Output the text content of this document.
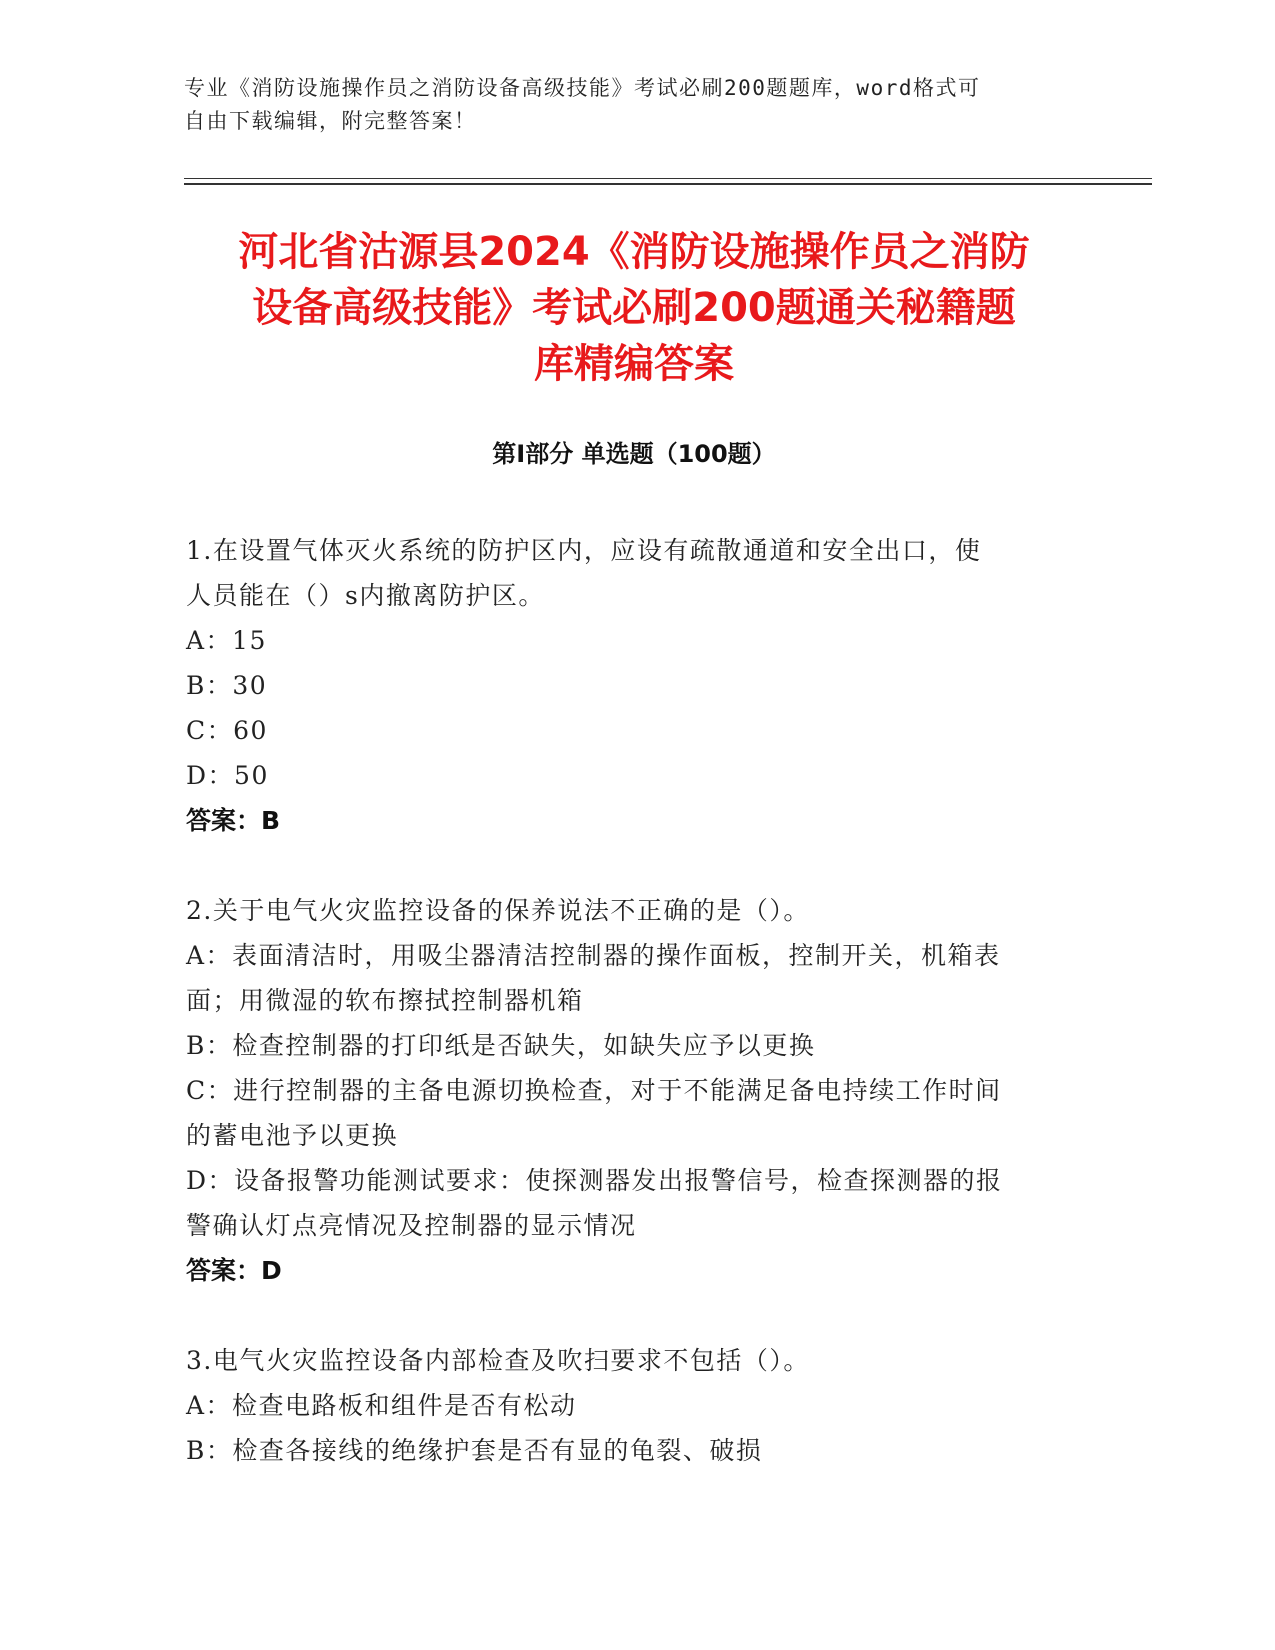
专业《消防设施操作员之消防设备高级技能》考试必刷200题题库，word格式可
自由下载编辑，附完整答案！
河北省沽源县2024《消防设施操作员之消防
设备高级技能》考试必刷200题通关秘籍题
库精编答案
第Ⅰ部分 单选题（100题）
1.在设置气体灭火系统的防护区内，应设有疏散通道和安全出口，使
人员能在（）s内撤离防护区。
A：15
B：30
C：60
D：50
答案：B
2.关于电气火灾监控设备的保养说法不正确的是（）。
A：表面清洁时，用吸尘器清洁控制器的操作面板，控制开关，机箱表
面；用微湿的软布擦拭控制器机箱
B：检查控制器的打印纸是否缺失，如缺失应予以更换
C：进行控制器的主备电源切换检查，对于不能满足备电持续工作时间
的蓄电池予以更换
D：设备报警功能测试要求：使探测器发出报警信号，检查探测器的报
警确认灯点亮情况及控制器的显示情况
答案：D
3.电气火灾监控设备内部检查及吹扫要求不包括（）。
A：检查电路板和组件是否有松动
B：检查各接线的绝缘护套是否有显的龟裂、破损
